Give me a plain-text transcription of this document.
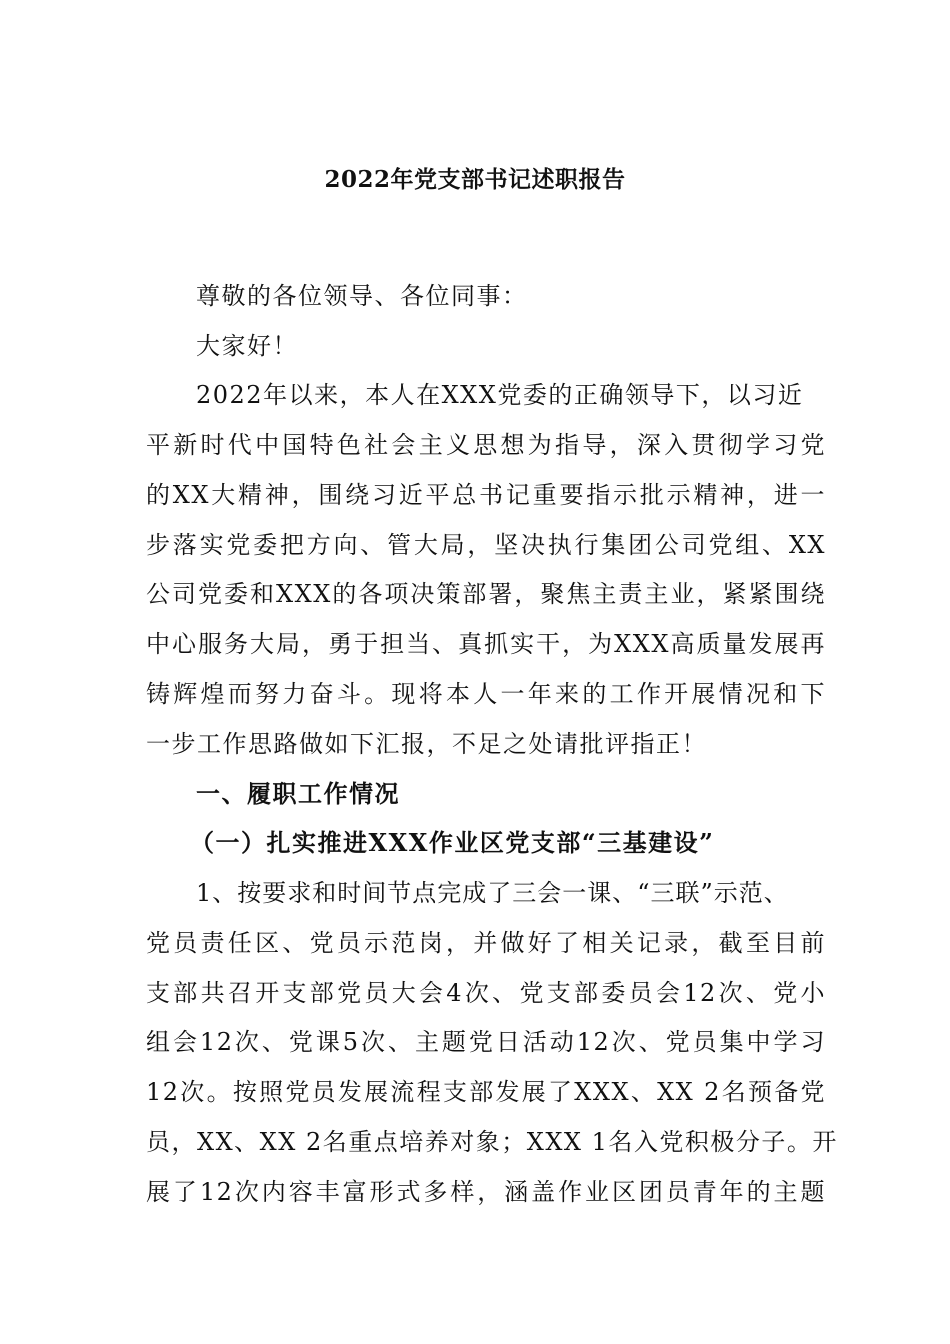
2022年党支部书记述职报告
尊敬的各位领导、各位同事：
大家好！
2022年以来，本人在XXX党委的正确领导下，以习近
平新时代中国特色社会主义思想为指导，深入贯彻学习党
的XX大精神，围绕习近平总书记重要指示批示精神，进一
步落实党委把方向、管大局，坚决执行集团公司党组、XX
公司党委和XXX的各项决策部署，聚焦主责主业，紧紧围绕
中心服务大局，勇于担当、真抓实干，为XXX高质量发展再
铸辉煌而努力奋斗。现将本人一年来的工作开展情况和下
一步工作思路做如下汇报，不足之处请批评指正！
一、履职工作情况
（一）扎实推进XXX作业区党支部“三基建设”
1、按要求和时间节点完成了三会一课、“三联”示范、
党员责任区、党员示范岗，并做好了相关记录，截至目前
支部共召开支部党员大会4次、党支部委员会12次、党小
组会12次、党课5次、主题党日活动12次、党员集中学习
12次。按照党员发展流程支部发展了XXX、XX 2名预备党
员，XX、XX 2名重点培养对象；XXX 1名入党积极分子。开
展了12次内容丰富形式多样，涵盖作业区团员青年的主题
